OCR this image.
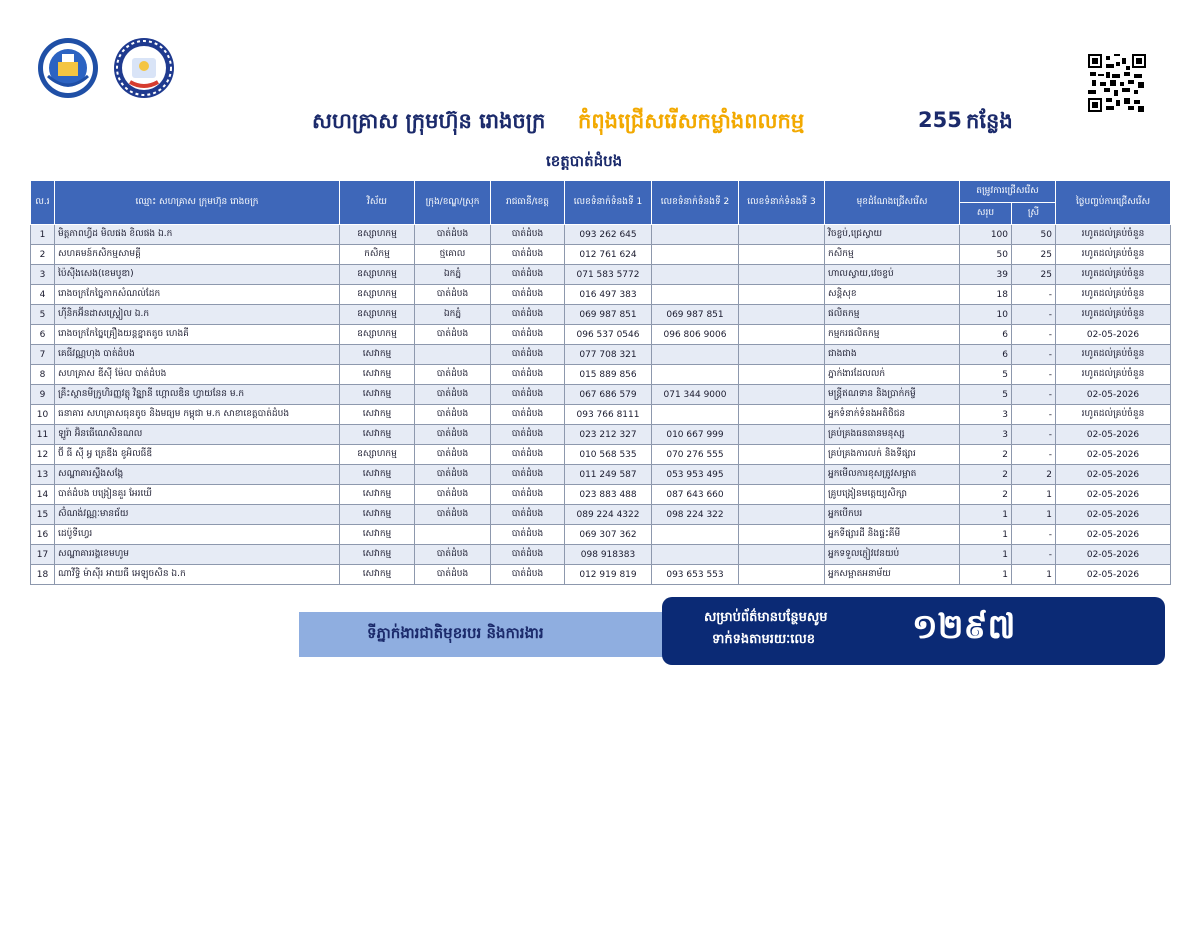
សហគ្រាស ក្រុមហ៊ុន រោងចក្រ កំពុងជ្រើសរើសកម្លាំងពលកម្ម	255 កន្លែង
ខេត្តបាត់ដំបង
ល.រ	ឈ្មោះ សហគ្រាស ក្រុមហ៊ុន រោងចក្រ	វិស័យ	ក្រុង/ខណ្ឌ/ស្រុក	រាជធានី/ខេត្ត	លេខទំនាក់ទំនងទី 1	លេខទំនាក់ទំនងទី 2	លេខទំនាក់ទំនងទី 3	មុខដំណែងជ្រើសរើស	តម្រូវការជ្រើសរើស		ថ្ងៃបញ្ចប់ការជ្រើសរើស
									សរុប	ស្រី	
1	មិត្តភាពហ្វីដ មិលផង ខិលផង ឯ.ក	ឧស្សាហកម្ម	បាត់ដំបង	បាត់ដំបង	093 262 645			វិចខ្ចប់,ជ្រេស្វាយ	100	50	រហូតដល់គ្រប់ចំនួន
2	សហគមន៍កសិកម្មសាមគ្គី	កសិកម្ម	ថ្មគោល	បាត់ដំបង	012 761 624			កសិកម្ម	50	25	រហូតដល់គ្រប់ចំនួន
3	ប៉ៃស៊ីងសេង(ខេមបូឌា)	ឧស្សាហកម្ម	ឯកភ្នំ	បាត់ដំបង	071 583 5772			ហាលស្វាយ,វេចខ្ចប់	39	25	រហូតដល់គ្រប់ចំនួន
4	រោងចក្រកែច្នៃកាកសំណល់ដែក	ឧស្សាហកម្ម	បាត់ដំបង	បាត់ដំបង	016 497 383			សន្តិសុខ	18	-	រហូតដល់គ្រប់ចំនួន
5	ហ៊ីនិកអ៊ីនដាសស្ទ្រៀល ឯ.ក	ឧស្សាហកម្ម	ឯកភ្នំ	បាត់ដំបង	069 987 851	069 987 851		ផលិតកម្ម	10	-	រហូតដល់គ្រប់ចំនួន
6	រោងចក្រកែច្នៃគ្រឿងយន្តខ្នាតតូច ហេងគី	ឧស្សាហកម្ម	បាត់ដំបង	បាត់ដំបង	096 537 0546	096 806 9006		កម្មករផលិតកម្ម	6	-	02-05-2026
7	គេធីវណ្ណហុង បាត់ដំបង	សេវាកម្ម		បាត់ដំបង	077 708 321			ជាងជាង	6	-	រហូតដល់គ្រប់ចំនួន
8	សហគ្រាស ឌីស៊ី ម៉ែល បាត់ដំបង	សេវាកម្ម	បាត់ដំបង	បាត់ដំបង	015 889 856			ភ្នាក់ងារដែលលក់	5	-	រហូតដល់គ្រប់ចំនួន
9	គ្រឹះស្ថានមីក្រូហិរញ្ញវត្ថុ វិន្ឌ្យានី ហ្គោលឌិន ហ្វាយនែន ម.ក	សេវាកម្ម	បាត់ដំបង	បាត់ដំបង	067 686 579	071 344 9000		មន្ត្រីឥណទាន និងប្រាក់កម្ចី	5	-	02-05-2026
10	ធនាគារ សហគ្រាសធុនតូច និងមធ្យម កម្ពុជា ម.ក សាខាខេត្តបាត់ដំបង	សេវាកម្ម	បាត់ដំបង	បាត់ដំបង	093 766 8111			អ្នកទំនាក់ទំនងអតិថិជន	3	-	រហូតដល់គ្រប់ចំនួន
11	ឡូរ៉ា អ៊ិនធើណេសិនណល	សេវាកម្ម	បាត់ដំបង	បាត់ដំបង	023 212 327	010 667 999		គ្រប់គ្រងធនធានមនុស្ស	3	-	02-05-2026
12	ប៊ី ធី ស៊ី អ្វ ត្រេឌីង ខូអិលធីឌី	ឧស្សាហកម្ម	បាត់ដំបង	បាត់ដំបង	010 568 535	070 276 555		គ្រប់គ្រងការលក់ និងទីផ្សារ	2	-	02-05-2026
13	សណ្ឋាគារស្ទឹងសង្កែ	សេវាកម្ម	បាត់ដំបង	បាត់ដំបង	011 249 587	053 953 495		អ្នកមើលការខុសត្រូវសម្អាត	2	2	02-05-2026
14	បាត់ដំបង បង្រៀនគួរ អែរឃើ	សេវាកម្ម	បាត់ដំបង	បាត់ដំបង	023 883 488	087 643 660		គ្រូបង្រៀនមត្តេយ្យសិក្សា	2	1	02-05-2026
15	ស៊ំណង់វណ្ណៈមានជ័យ	សេវាកម្ម	បាត់ដំបង	បាត់ដំបង	089 224 4322	098 224 322		អ្នកបើកបរ	1	1	02-05-2026
16	ដេប៉ូទីហ្វេរ	សេវាកម្ម		បាត់ដំបង	069 307 362			អ្នកទីផ្សារដី និងផ្ទះគីមី	1	-	02-05-2026
17	សណ្ឋាគាររង្គខេមហូម	សេវាកម្ម	បាត់ដំបង	បាត់ដំបង	098 918383			អ្នកទទួលភ្ញៀវវេនយប់	1	-	02-05-2026
18	ណាវីទ្ធិ ម៉ាស៊ីរ អាយធី អេឡុចសិន ឯ.ក	សេវាកម្ម	បាត់ដំបង	បាត់ដំបង	012 919 819	093 653 553		អ្នកសម្អាតអនាម័យ	1	1	02-05-2026
ទីភ្នាក់ងារជាតិមុខរបរ និងការងារ
សម្រាប់ព័ត៌មានបន្ថែមសូម
ទាក់ទងតាមរយៈលេខ	១២៩៧
